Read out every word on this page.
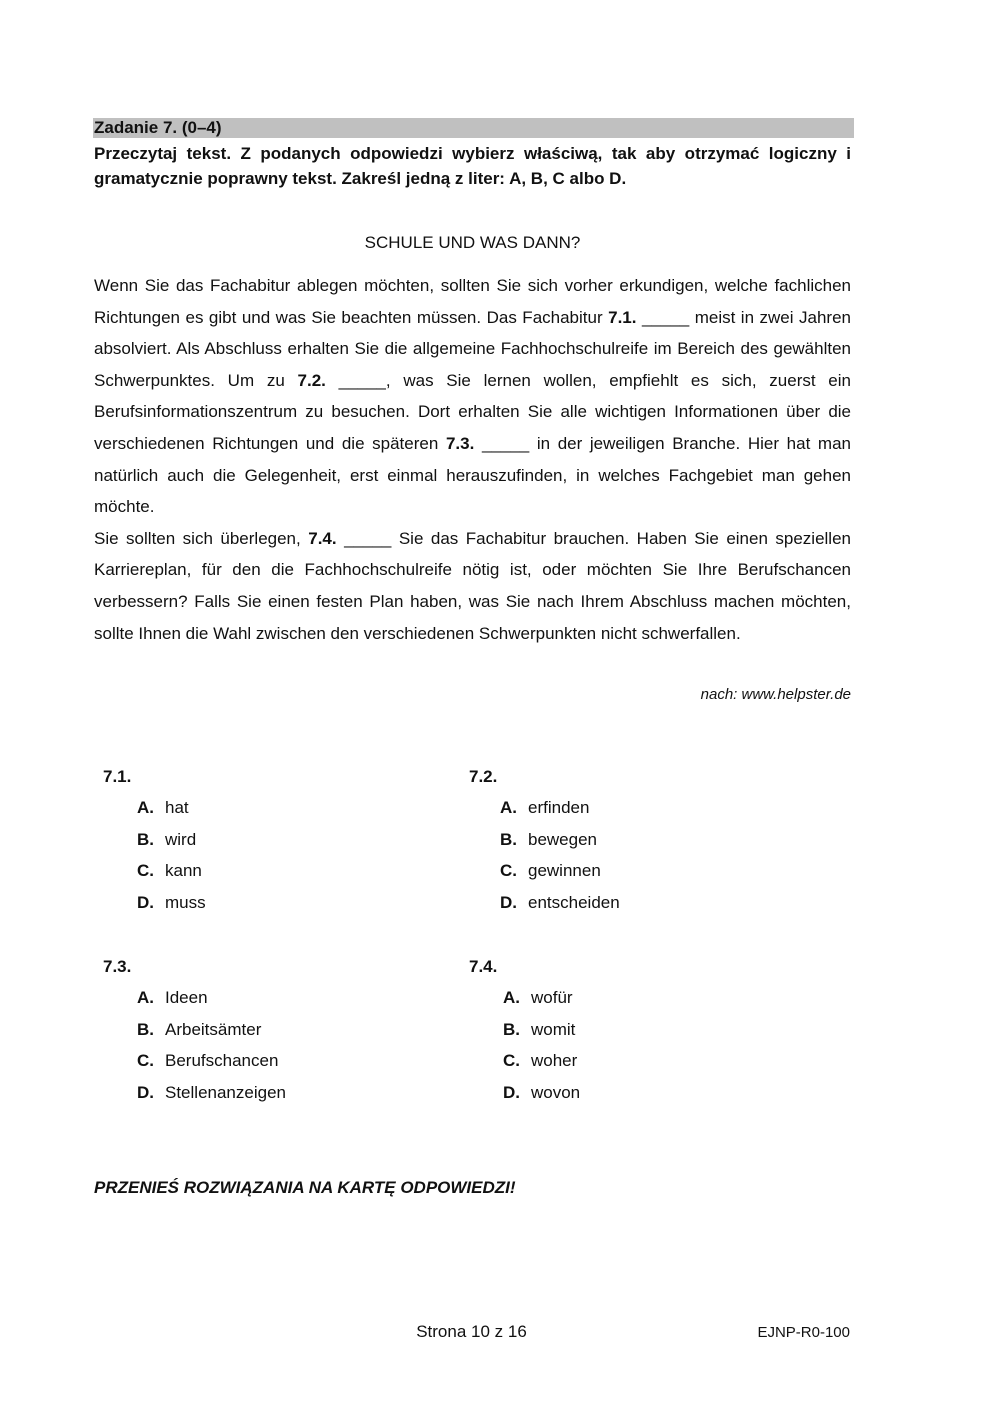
Zadanie 7. (0–4)
Przeczytaj tekst. Z podanych odpowiedzi wybierz właściwą, tak aby otrzymać logiczny i gramatycznie poprawny tekst. Zakreśl jedną z liter: A, B, C albo D.
SCHULE UND WAS DANN?

Wenn Sie das Fachabitur ablegen möchten, sollten Sie sich vorher erkundigen, welche fachlichen Richtungen es gibt und was Sie beachten müssen. Das Fachabitur 7.1. _____ meist in zwei Jahren absolviert. Als Abschluss erhalten Sie die allgemeine Fachhochschulreife im Bereich des gewählten Schwerpunktes. Um zu 7.2. _____, was Sie lernen wollen, empfiehlt es sich, zuerst ein Berufsinformationszentrum zu besuchen. Dort erhalten Sie alle wichtigen Informationen über die verschiedenen Richtungen und die späteren 7.3. _____ in der jeweiligen Branche. Hier hat man natürlich auch die Gelegenheit, erst einmal herauszufinden, in welches Fachgebiet man gehen möchte.

Sie sollten sich überlegen, 7.4. _____ Sie das Fachabitur brauchen. Haben Sie einen speziellen Karriereplan, für den die Fachhochschulreife nötig ist, oder möchten Sie Ihre Berufschancen verbessern? Falls Sie einen festen Plan haben, was Sie nach Ihrem Abschluss machen möchten, sollte Ihnen die Wahl zwischen den verschiedenen Schwerpunkten nicht schwerfallen.

nach: www.helpster.de
7.1.
A. hat
B. wird
C. kann
D. muss
7.2.
A. erfinden
B. bewegen
C. gewinnen
D. entscheiden
7.3.
A. Ideen
B. Arbeitsämter
C. Berufschancen
D. Stellenanzeigen
7.4.
A. wofür
B. womit
C. woher
D. wovon
PRZENIEŚ ROZWIĄZANIA NA KARTĘ ODPOWIEDZI!
Strona 10 z 16	EJNP-R0-100
